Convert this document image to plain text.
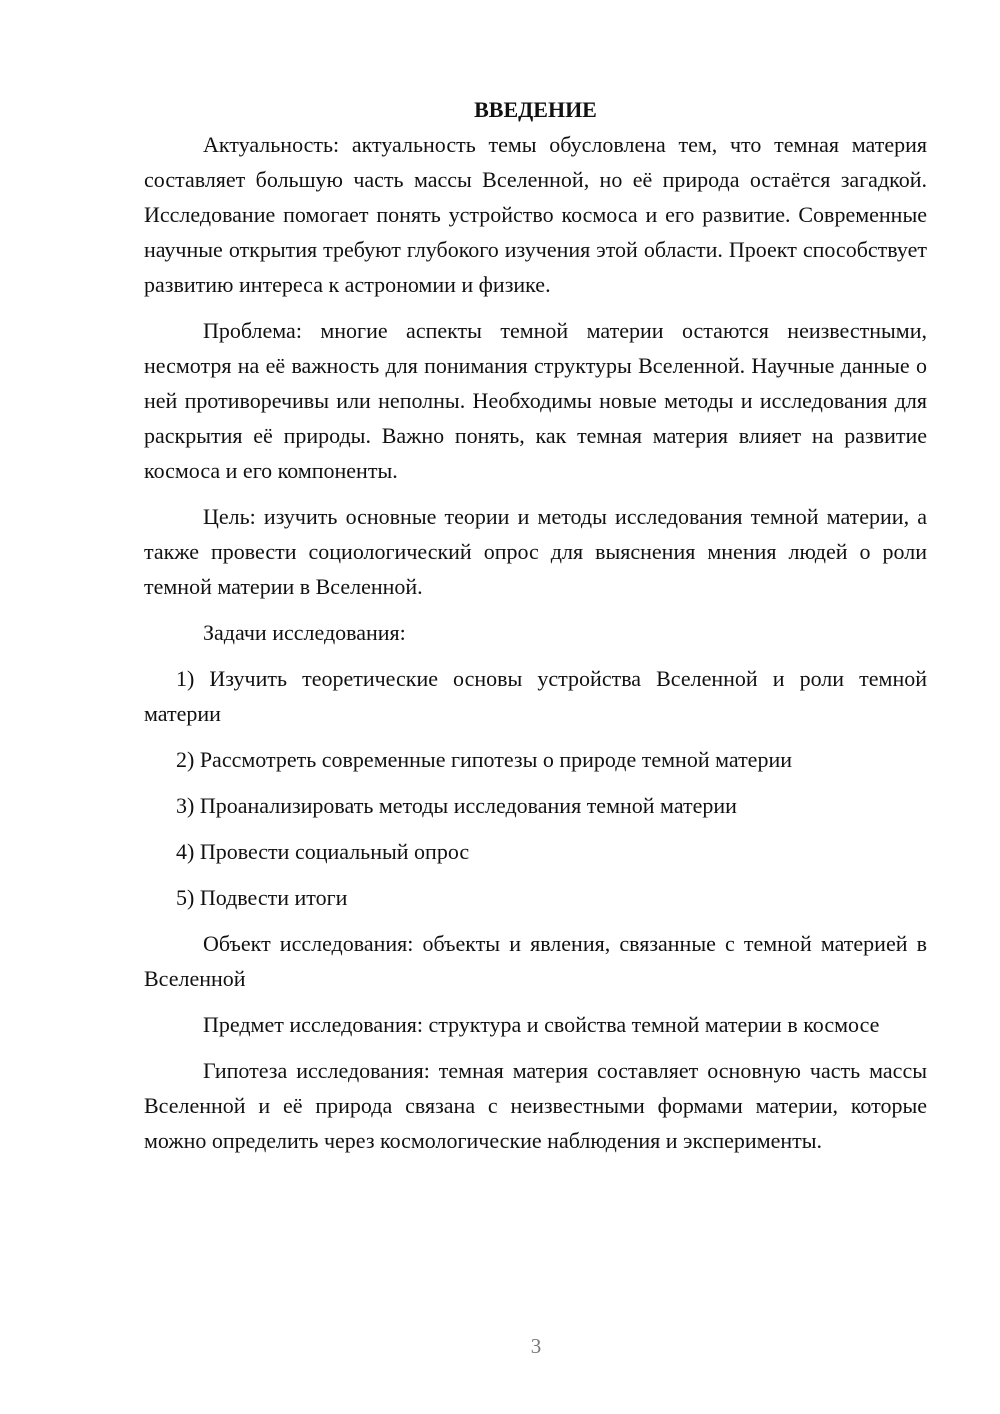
ВВЕДЕНИЕ

Актуальность: актуальность темы обусловлена тем, что темная материя составляет большую часть массы Вселенной, но её природа остаётся загадкой. Исследование помогает понять устройство космоса и его развитие. Современные научные открытия требуют глубокого изучения этой области. Проект способствует развитию интереса к астрономии и физике.

Проблема: многие аспекты темной материи остаются неизвестными, несмотря на её важность для понимания структуры Вселенной. Научные данные о ней противоречивы или неполны. Необходимы новые методы и исследования для раскрытия её природы. Важно понять, как темная материя влияет на развитие космоса и его компоненты.

Цель: изучить основные теории и методы исследования темной материи, а также провести социологический опрос для выяснения мнения людей о роли темной материи в Вселенной.

Задачи исследования:

1) Изучить теоретические основы устройства Вселенной и роли темной материи

2) Рассмотреть современные гипотезы о природе темной материи

3) Проанализировать методы исследования темной материи

4) Провести социальный опрос

5) Подвести итоги

Объект исследования: объекты и явления, связанные с темной материей в Вселенной

Предмет исследования: структура и свойства темной материи в космосе

Гипотеза исследования: темная материя составляет основную часть массы Вселенной и её природа связана с неизвестными формами материи, которые можно определить через космологические наблюдения и эксперименты.

3
